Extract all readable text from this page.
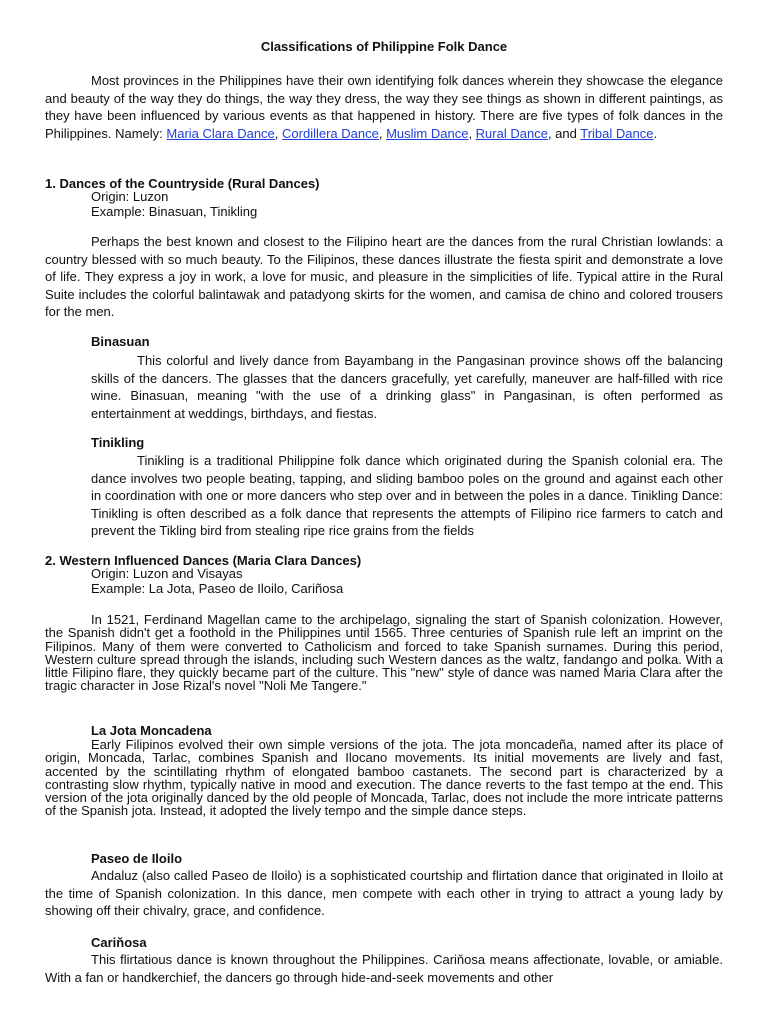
Classifications of Philippine Folk Dance

Most provinces in the Philippines have their own identifying folk dances wherein they showcase the elegance and beauty of the way they do things, the way they dress, the way they see things as shown in different paintings, as they have been influenced by various events as that happened in history. There are five types of folk dances in the Philippines. Namely: Maria Clara Dance, Cordillera Dance, Muslim Dance, Rural Dance, and Tribal Dance.

1. Dances of the Countryside (Rural Dances)
Origin: Luzon
Example: Binasuan, Tinikling

Perhaps the best known and closest to the Filipino heart are the dances from the rural Christian lowlands: a country blessed with so much beauty. To the Filipinos, these dances illustrate the fiesta spirit and demonstrate a love of life. They express a joy in work, a love for music, and pleasure in the simplicities of life. Typical attire in the Rural Suite includes the colorful balintawak and patadyong skirts for the women, and camisa de chino and colored trousers for the men.

Binasuan

This colorful and lively dance from Bayambang in the Pangasinan province shows off the balancing skills of the dancers. The glasses that the dancers gracefully, yet carefully, maneuver are half-filled with rice wine. Binasuan, meaning "with the use of a drinking glass" in Pangasinan, is often performed as entertainment at weddings, birthdays, and fiestas.

Tinikling

Tinikling is a traditional Philippine folk dance which originated during the Spanish colonial era. The dance involves two people beating, tapping, and sliding bamboo poles on the ground and against each other in coordination with one or more dancers who step over and in between the poles in a dance. Tinikling Dance: Tinikling is often described as a folk dance that represents the attempts of Filipino rice farmers to catch and prevent the Tikling bird from stealing ripe rice grains from the fields

2. Western Influenced Dances (Maria Clara Dances)
Origin: Luzon and Visayas
Example: La Jota, Paseo de Iloilo, Cariñosa

In 1521, Ferdinand Magellan came to the archipelago, signaling the start of Spanish colonization. However, the Spanish didn't get a foothold in the Philippines until 1565. Three centuries of Spanish rule left an imprint on the Filipinos. Many of them were converted to Catholicism and forced to take Spanish surnames. During this period, Western culture spread through the islands, including such Western dances as the waltz, fandango and polka. With a little Filipino flare, they quickly became part of the culture. This "new" style of dance was named Maria Clara after the tragic character in Jose Rizal's novel "Noli Me Tangere."

La Jota Moncadena

Early Filipinos evolved their own simple versions of the jota. The jota moncadeña, named after its place of origin, Moncada, Tarlac, combines Spanish and Ilocano movements. Its initial movements are lively and fast, accented by the scintillating rhythm of elongated bamboo castanets. The second part is characterized by a contrasting slow rhythm, typically native in mood and execution. The dance reverts to the fast tempo at the end. This version of the jota originally danced by the old people of Moncada, Tarlac, does not include the more intricate patterns of the Spanish jota. Instead, it adopted the lively tempo and the simple dance steps.

Paseo de Iloilo

Andaluz (also called Paseo de Iloilo) is a sophisticated courtship and flirtation dance that originated in Iloilo at the time of Spanish colonization. In this dance, men compete with each other in trying to attract a young lady by showing off their chivalry, grace, and confidence.

Cariňosa

This flirtatious dance is known throughout the Philippines. Cariňosa means affectionate, lovable, or amiable. With a fan or handkerchief, the dancers go through hide-and-seek movements and other
